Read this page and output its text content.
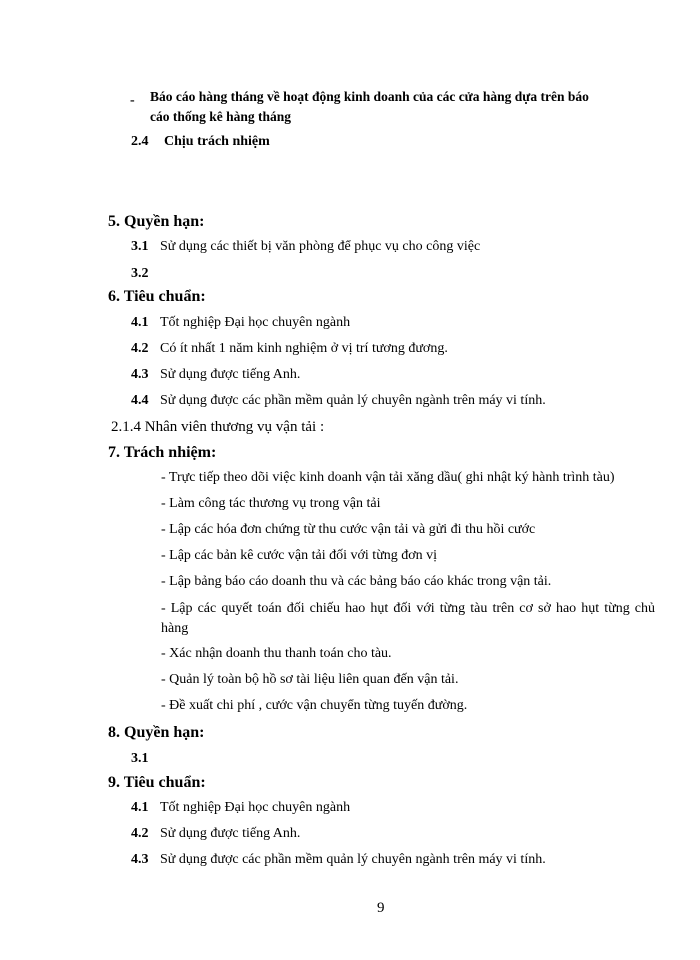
- Báo cáo hàng tháng về hoạt động kinh doanh của các cửa hàng dựa trên báo
cáo thống kê hàng tháng
2.4 Chịu trách nhiệm
5. Quyền hạn:
3.1 Sử dụng các thiết bị văn phòng để phục vụ cho công việc
3.2
6. Tiêu chuẩn:
4.1 Tốt nghiệp Đại học chuyên ngành
4.2 Có ít nhất 1 năm kinh nghiệm ở vị trí tương đương.
4.3 Sử dụng được tiếng Anh.
4.4 Sử dụng được các phần mềm quản lý chuyên ngành trên máy vi tính.
2.1.4 Nhân viên thương vụ vận tải :
7. Trách nhiệm:
- Trực tiếp theo dõi việc kinh doanh vận tải xăng dầu( ghi nhật ký hành trình tàu)
- Làm công tác thương vụ trong vận tải
- Lập các hóa đơn chứng từ thu cước vận tải và gửi đi thu hồi cước
- Lập các bản kê cước vận tải đối với từng đơn vị
- Lập bảng báo cáo doanh thu và các bảng báo cáo khác trong vận tải.
- Lập các quyết toán đối chiếu hao hụt đối với từng tàu trên cơ sở hao hụt từng chủ hàng
- Xác nhận doanh thu thanh toán cho tàu.
- Quản lý toàn bộ hồ sơ tài liệu liên quan đến vận tải.
- Đề xuất chi phí , cước vận chuyển từng tuyến đường.
8. Quyền hạn:
3.1
9. Tiêu chuẩn:
4.1 Tốt nghiệp Đại học chuyên ngành
4.2 Sử dụng được tiếng Anh.
4.3 Sử dụng được các phần mềm quản lý chuyên ngành trên máy vi tính.
9
